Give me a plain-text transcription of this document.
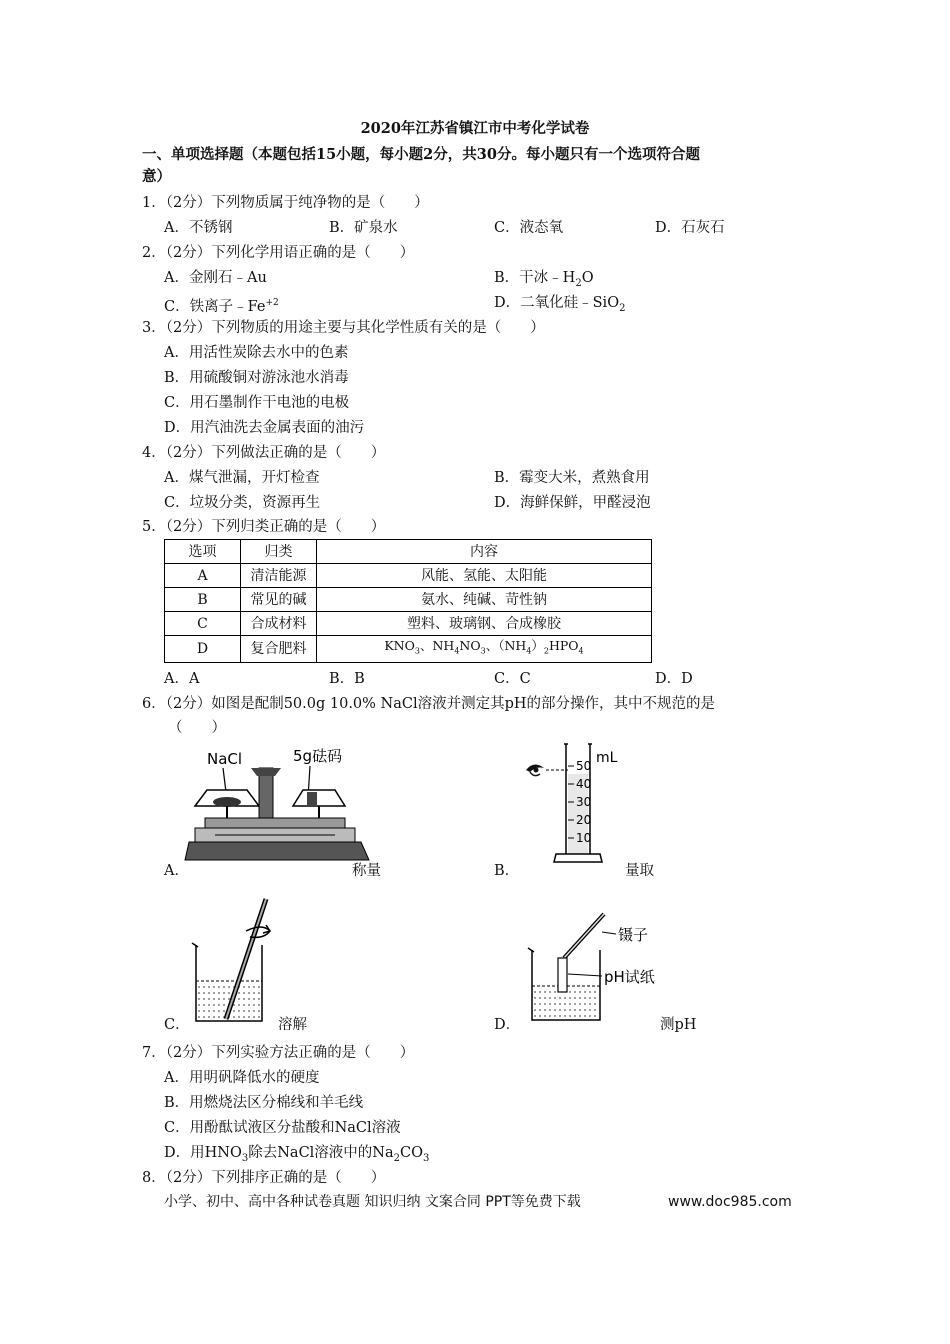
2020年江苏省镇江市中考化学试卷
一、单项选择题（本题包括15小题，每小题2分，共30分。每小题只有一个选项符合题
意）
1．（2分）下列物质属于纯净物的是（　　）
A．不锈钢	B．矿泉水	C．液态氧	D．石灰石
2．（2分）下列化学用语正确的是（　　）
A．金刚石﹣Au	B．干冰$﹣H_2O$
C．铁离子$﹣Fe^{+2}$	D．二氧化硅﹣SiO$_2$
3．（2分）下列物质的用途主要与其化学性质有关的是（　　）
A．用活性炭除去水中的色素
B．用硫酸铜对游泳池水消毒
C．用石墨制作干电池的电极
D．用汽油洗去金属表面的油污
4．（2分）下列做法正确的是（　　）
A．煤气泄漏，开灯检查	B．霉变大米，煮熟食用
C．垃圾分类，资源再生	D．海鲜保鲜，甲醛浸泡
5．（2分）下列归类正确的是（　　）
选项	归类	内容
A	清洁能源	风能、氢能、太阳能
B	常见的碱	氨水、纯碱、苛性钠
C	合成材料	塑料、玻璃钢、合成橡胶
D	复合肥料	$KNO_3$、$NH_4NO_3$、$(NH_4)_2HPO_4$
A．A	B．B	C．C	D．D
6．（2分）如图是配制50.0g 10.0% NaCl溶液并测定其pH的部分操作，其中不规范的是
（　　）
NaCl	5g砝码
A．	称量
50
40
30
20
10
mL
B．	量取
C．	溶解
镊子
pH试纸
D．	测pH
7．（2分）下列实验方法正确的是（　　）
A．用明矾降低水的硬度
B．用燃烧法区分棉线和羊毛线
C．用酚酞试液区分盐酸和NaCl溶液
D．用$HNO_3$除去NaCl溶液中的$Na_2CO_3$
8．（2分）下列排序正确的是（　　）
小学、初中、高中各种试卷真题 知识归纳 文案合同 PPT等免费下载	www.doc985.com
